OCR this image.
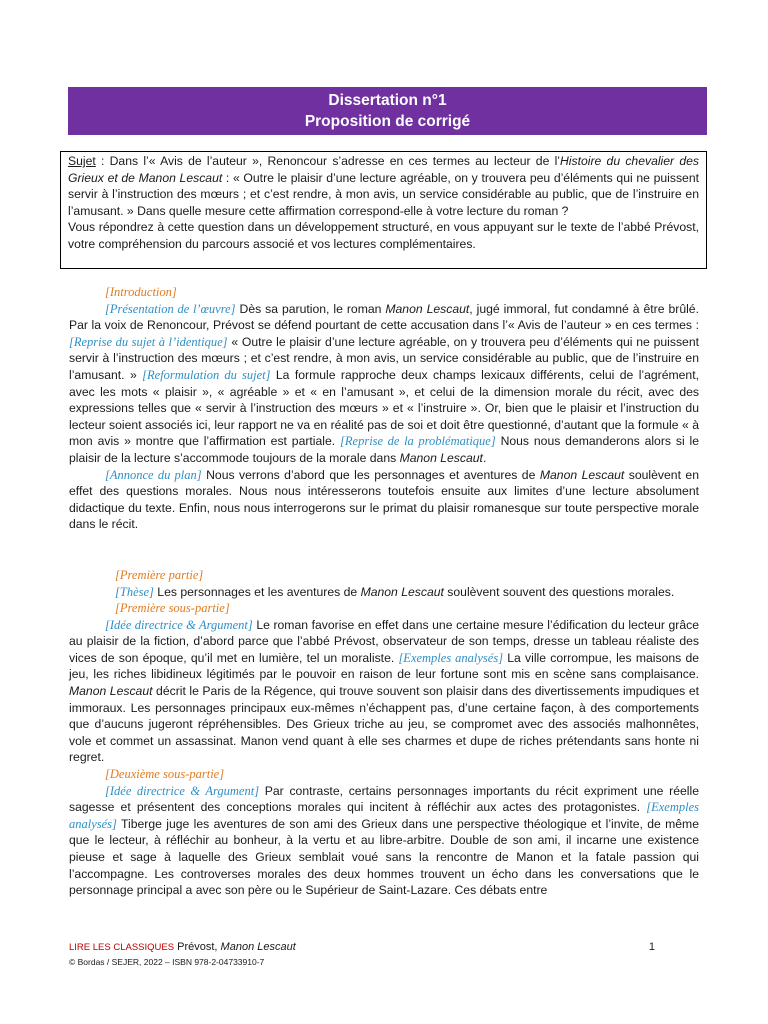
Dissertation n°1
Proposition de corrigé
Sujet : Dans l’« Avis de l’auteur », Renoncour s’adresse en ces termes au lecteur de l’Histoire du chevalier des Grieux et de Manon Lescaut : « Outre le plaisir d’une lecture agréable, on y trouvera peu d’éléments qui ne puissent servir à l’instruction des mœurs ; et c’est rendre, à mon avis, un service considérable au public, que de l’instruire en l’amusant. » Dans quelle mesure cette affirmation correspond-elle à votre lecture du roman ?
Vous répondrez à cette question dans un développement structuré, en vous appuyant sur le texte de l’abbé Prévost, votre compréhension du parcours associé et vos lectures complémentaires.

[Introduction]

[Présentation de l’œuvre] Dès sa parution, le roman Manon Lescaut, jugé immoral, fut condamné à être brûlé. Par la voix de Renoncour, Prévost se défend pourtant de cette accusation dans l’« Avis de l’auteur » en ces termes : [Reprise du sujet à l’identique] « Outre le plaisir d’une lecture agréable, on y trouvera peu d’éléments qui ne puissent servir à l’instruction des mœurs ; et c’est rendre, à mon avis, un service considérable au public, que de l’instruire en l’amusant. » [Reformulation du sujet] La formule rapproche deux champs lexicaux différents, celui de l’agrément, avec les mots « plaisir », « agréable » et « en l’amusant », et celui de la dimension morale du récit, avec des expressions telles que « servir à l’instruction des mœurs » et « l’instruire ». Or, bien que le plaisir et l’instruction du lecteur soient associés ici, leur rapport ne va en réalité pas de soi et doit être questionné, d’autant que la formule « à mon avis » montre que l’affirmation est partiale. [Reprise de la problématique] Nous nous demanderons alors si le plaisir de la lecture s’accommode toujours de la morale dans Manon Lescaut.

[Annonce du plan] Nous verrons d’abord que les personnages et aventures de Manon Lescaut soulèvent en effet des questions morales. Nous nous intéresserons toutefois ensuite aux limites d’une lecture absolument didactique du texte. Enfin, nous nous interrogerons sur le primat du plaisir romanesque sur toute perspective morale dans le récit.

[Première partie]

[Thèse] Les personnages et les aventures de Manon Lescaut soulèvent souvent des questions morales.

[Première sous-partie]

[Idée directrice & Argument] Le roman favorise en effet dans une certaine mesure l’édification du lecteur grâce au plaisir de la fiction, d’abord parce que l’abbé Prévost, observateur de son temps, dresse un tableau réaliste des vices de son époque, qu’il met en lumière, tel un moraliste. [Exemples analysés] La ville corrompue, les maisons de jeu, les riches libidineux légitimés par le pouvoir en raison de leur fortune sont mis en scène sans complaisance. Manon Lescaut décrit le Paris de la Régence, qui trouve souvent son plaisir dans des divertissements impudiques et immoraux. Les personnages principaux eux-mêmes n’échappent pas, d’une certaine façon, à des comportements que d’aucuns jugeront répréhensibles. Des Grieux triche au jeu, se compromet avec des associés malhonnêtes, vole et commet un assassinat. Manon vend quant à elle ses charmes et dupe de riches prétendants sans honte ni regret.

[Deuxième sous-partie]

[Idée directrice & Argument] Par contraste, certains personnages importants du récit expriment une réelle sagesse et présentent des conceptions morales qui incitent à réfléchir aux actes des protagonistes. [Exemples analysés] Tiberge juge les aventures de son ami des Grieux dans une perspective théologique et l’invite, de même que le lecteur, à réfléchir au bonheur, à la vertu et au libre-arbitre. Double de son ami, il incarne une existence pieuse et sage à laquelle des Grieux semblait voué sans la rencontre de Manon et la fatale passion qui l’accompagne. Les controverses morales des deux hommes trouvent un écho dans les conversations que le personnage principal a avec son père ou le Supérieur de Saint-Lazare. Ces débats entre

LIRE LES CLASSIQUES Prévost, Manon Lescaut	1
© Bordas / SEJER, 2022 – ISBN 978-2-04733910-7
